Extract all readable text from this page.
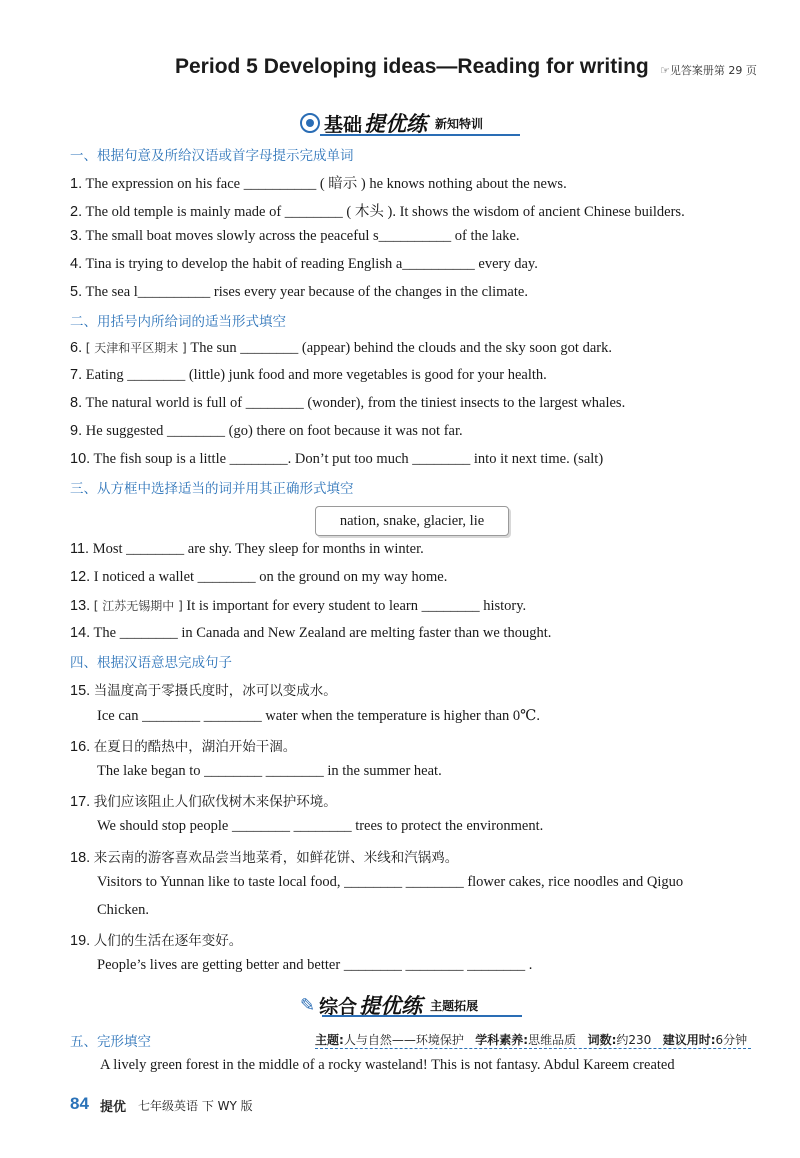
Period 5 Developing ideas—Reading for writing ☞见答案册第 29 页
基础 提优练 新知特训
一、根据句意及所给汉语或首字母提示完成单词
1. The expression on his face __________ ( 暗示 ) he knows nothing about the news.
2. The old temple is mainly made of ________ ( 木头 ). It shows the wisdom of ancient Chinese builders.
3. The small boat moves slowly across the peaceful s__________ of the lake.
4. Tina is trying to develop the habit of reading English a__________ every day.
5. The sea l__________ rises every year because of the changes in the climate.
二、用括号内所给词的适当形式填空
6. [ 天津和平区期末 ] The sun ________ (appear) behind the clouds and the sky soon got dark.
7. Eating ________ (little) junk food and more vegetables is good for your health.
8. The natural world is full of ________ (wonder), from the tiniest insects to the largest whales.
9. He suggested ________ (go) there on foot because it was not far.
10. The fish soup is a little ________. Don’t put too much ________ into it next time. (salt)
三、从方框中选择适当的词并用其正确形式填空
nation, snake, glacier, lie
11. Most ________ are shy. They sleep for months in winter.
12. I noticed a wallet ________ on the ground on my way home.
13. [ 江苏无锡期中 ] It is important for every student to learn ________ history.
14. The ________ in Canada and New Zealand are melting faster than we thought.
四、根据汉语意思完成句子
15. 当温度高于零摄氏度时，冰可以变成水。
Ice can ________ ________ water when the temperature is higher than 0℃.
16. 在夏日的酷热中，湖泊开始干涸。
The lake began to ________ ________ in the summer heat.
17. 我们应该阻止人们砍伐树木来保护环境。
We should stop people ________ ________ trees to protect the environment.
18. 来云南的游客喜欢品尝当地菜肴，如鲜花饼、米线和汽锅鸡。
Visitors to Yunnan like to taste local food, ________ ________ flower cakes, rice noodles and Qiguo
Chicken.
19. 人们的生活在逐年变好。
People’s lives are getting better and better ________ ________ ________ .
✎ 综合 提优练 主题拓展
五、完形填空	主题:人与自然——环境保护 学科素养:思维品质 词数:约230 建议用时:6分钟
A lively green forest in the middle of a rocky wasteland! This is not fantasy. Abdul Kareem created
84 提优 七年级英语 下 WY 版
